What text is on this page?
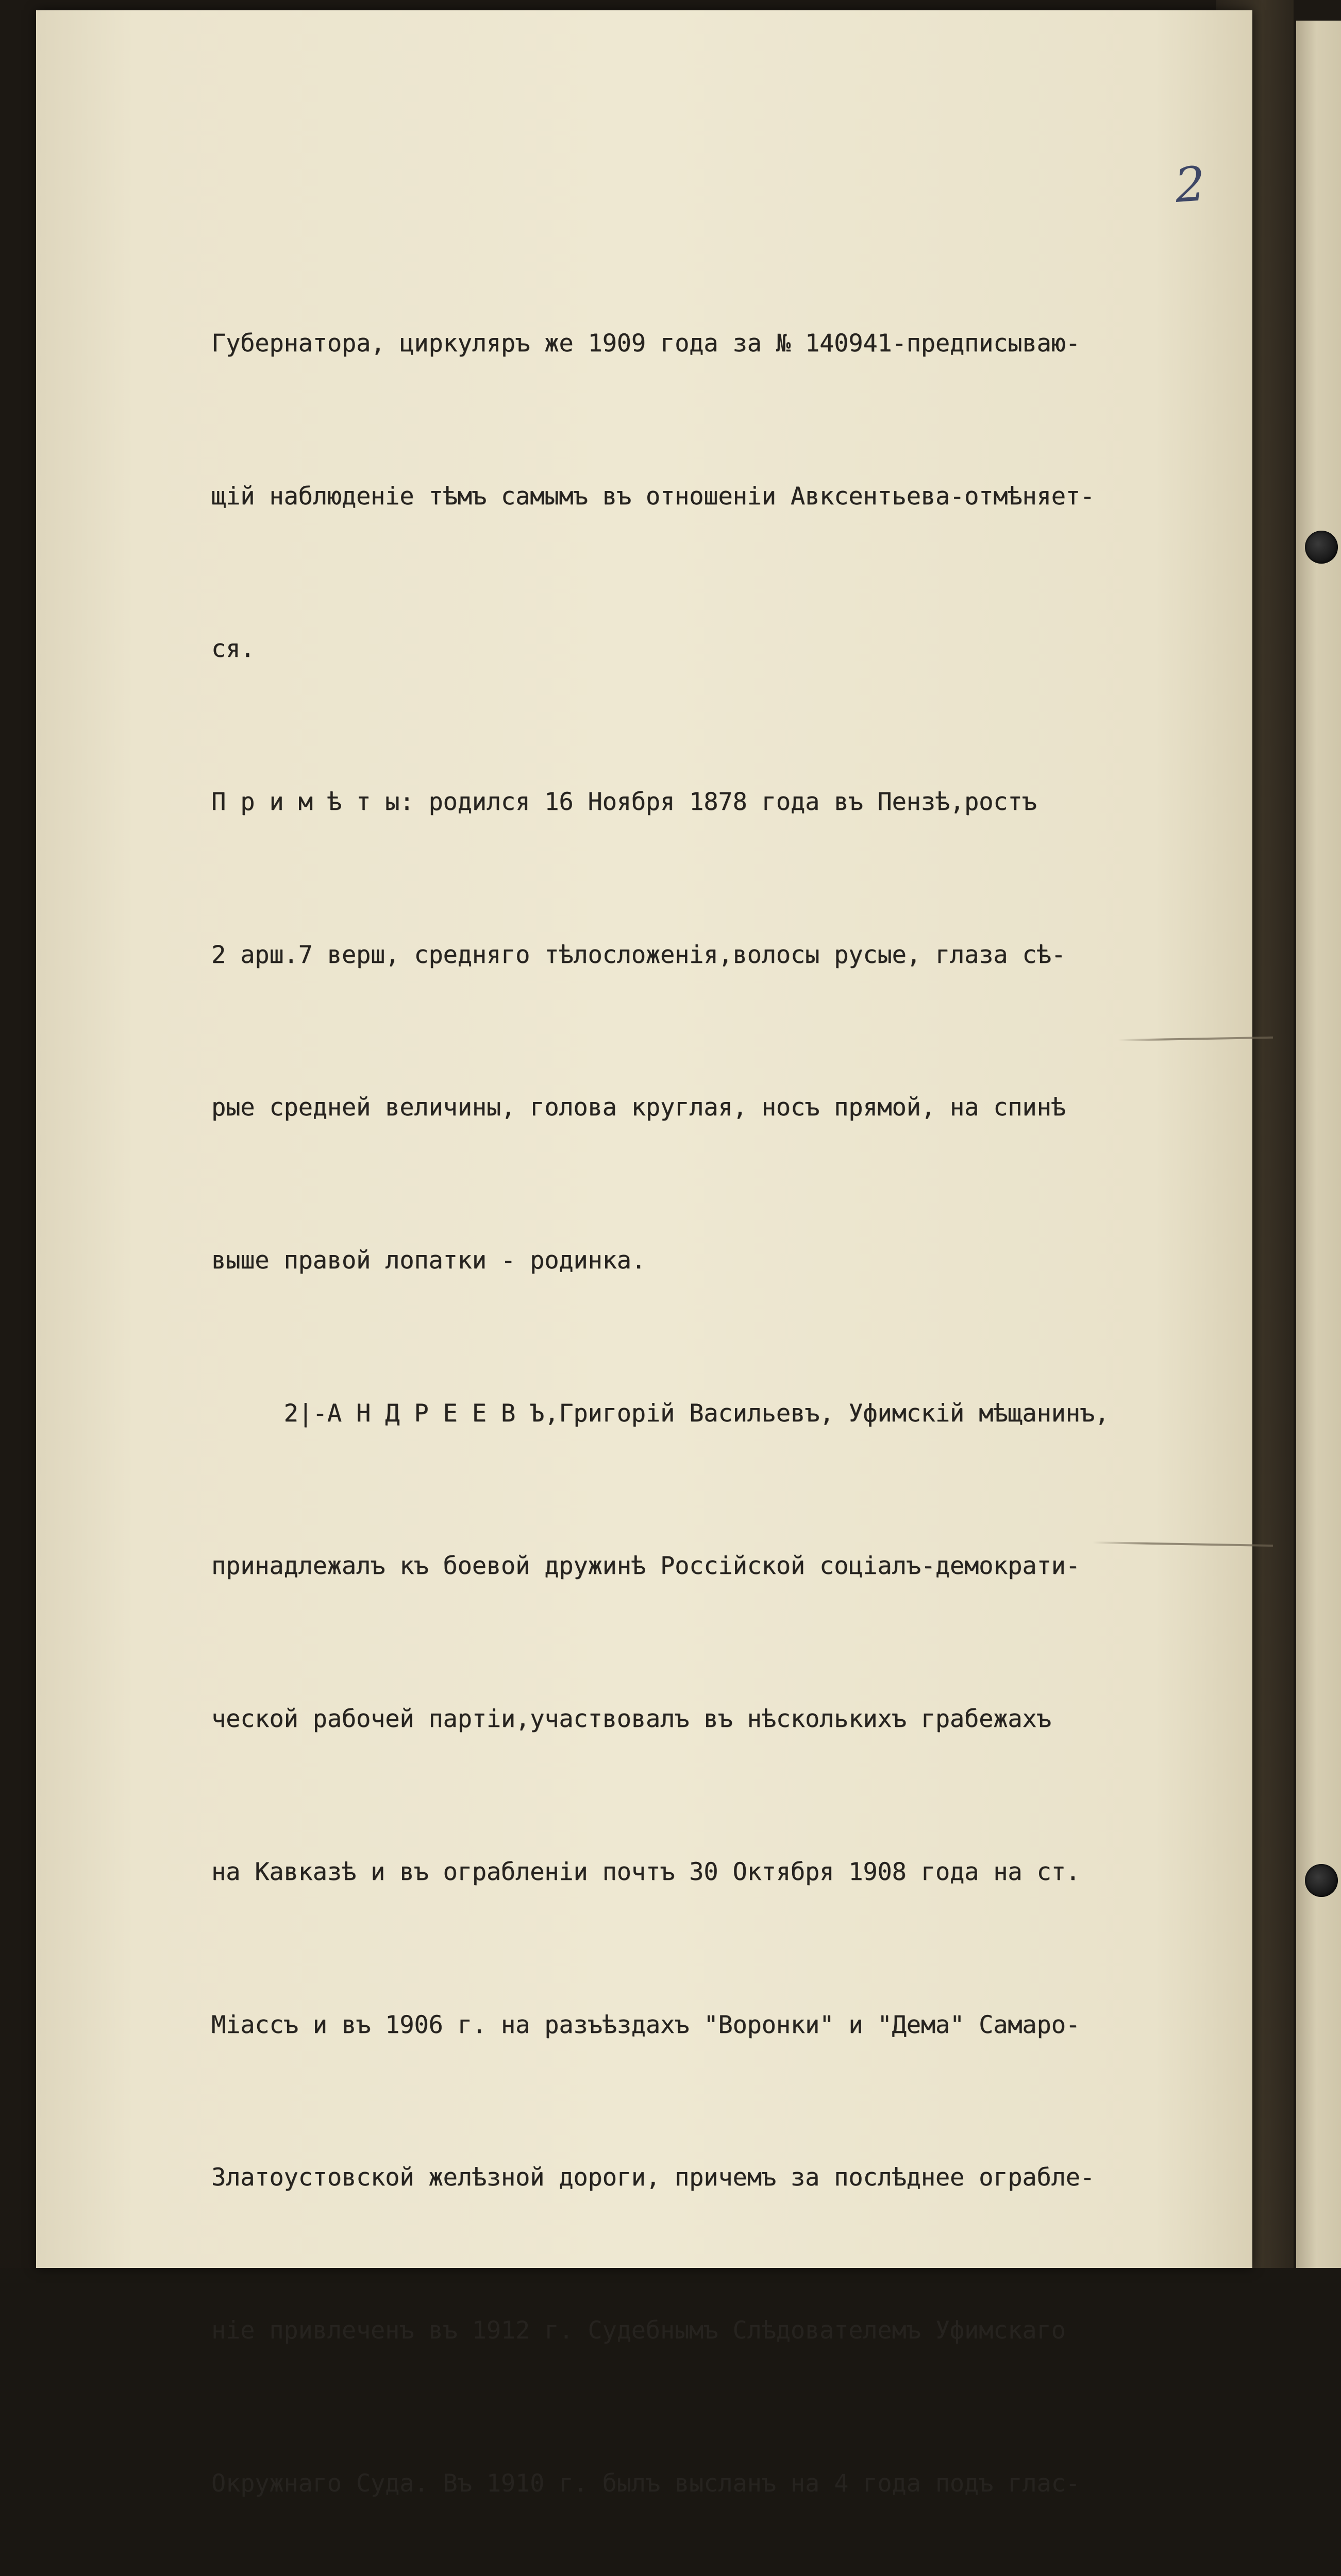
2

Губернатора, циркуляръ же 1909 года за № 140941-предписываю-

щій наблюденіе тѣмъ самымъ въ отношеніи Авксентьева-отмѣняет-

ся.

П р и м ѣ т ы: родился 16 Ноября 1878 года въ Пензѣ,ростъ

2 арш.7 верш, средняго тѣлосложенія,волосы русые, глаза сѣ-

рые средней величины, голова круглая, носъ прямой, на спинѣ

выше правой лопатки - родинка.

2|-А Н Д Р Е Е В Ъ,Григорій Васильевъ, Уфимскій мѣщанинъ,

принадлежалъ къ боевой дружинѣ Россійской соціалъ-демократи-

ческой рабочей партіи,участвовалъ въ нѣсколькихъ грабежахъ

на Кавказѣ и въ ограбленіи почтъ 30 Октября 1908 года на ст.

Міассъ и въ 1906 г. на разъѣздахъ "Воронки" и "Дема" Самаро-

Златоустовской желѣзной дороги, причемъ за послѣднее ограбле-

ніе привлеченъ въ 1912 г. Судебнымъ Слѣдователемъ Уфимскаго

Окружнаго Суда. Въ 1910 г. былъ высланъ на 4 года подъ глас-
